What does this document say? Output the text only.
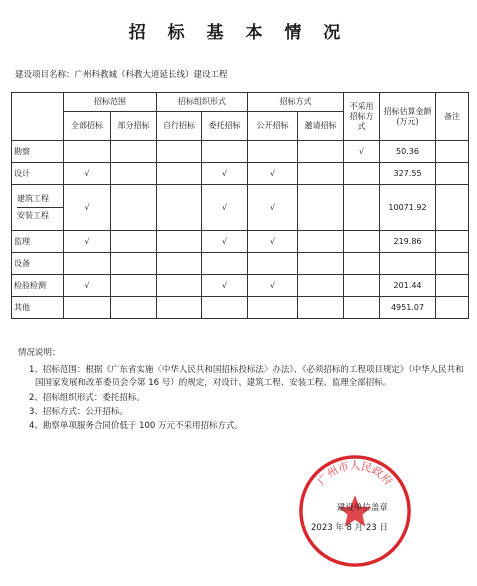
招 标 基 本 情 况
建设项目名称：广州科教城（科教大道延长线）建设工程
	招标范围		招标组织形式		招标方式		不采用招标方式	招标估算金额(万元)	备注
	全部招标	部分招标	自行招标	委托招标	公开招标	邀请招标			
勘察							√	50.36	
设计	√			√	√			327.55	

建筑工程
安装工程	√			√	√			10071.92	
监理	√			√	√			219.86	
设备									
检验检测	√			√	√			201.44	
其他								4951.07	
情况说明：
1、招标范围：根据《广东省实施〈中华人民共和国招标投标法〉办法》、《必须招标的工程项目规定》（中华人民共和国国家发展和改革委员会令第 16 号）的规定，对设计、建筑工程、安装工程、监理全部招标。
2、招标组织形式：委托招标。
3、招标方式：公开招标。
4、勘察单项服务合同价低于 100 万元不采用招标方式。
广州市人民政府
建设单位盖章
2023 年 8 月 23 日
